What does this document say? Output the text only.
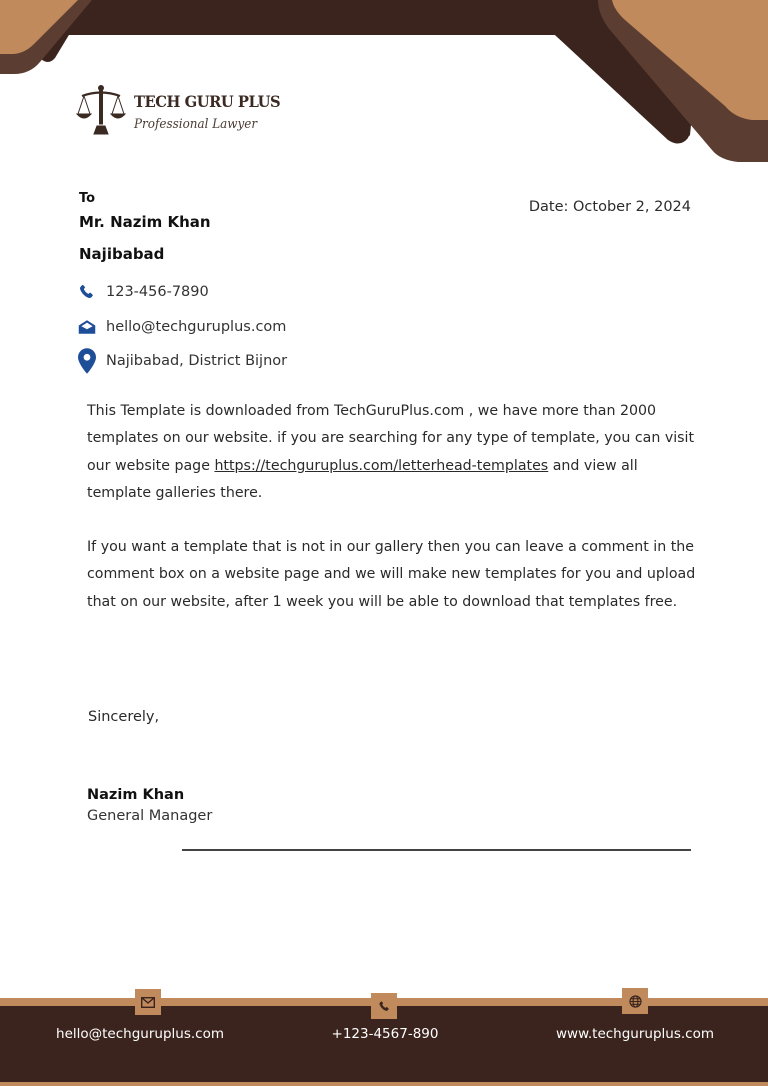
TECH GURU PLUS
Professional Lawyer
To
Mr. Nazim Khan
Najibabad
Date: October 2, 2024
123-456-7890
hello@techguruplus.com
Najibabad, District Bijnor
This Template is downloaded from TechGuruPlus.com , we have more than 2000 templates on our website. if you are searching for any type of template, you can visit our website page https://techguruplus.com/letterhead-templates and view all template galleries there.
If you want a template that is not in our gallery then you can leave a comment in the comment box on a website page and we will make new templates for you and upload that on our website, after 1 week you will be able to download that templates free.
Sincerely,
Nazim Khan
General Manager
hello@techguruplus.com	+123-4567-890	www.techguruplus.com
